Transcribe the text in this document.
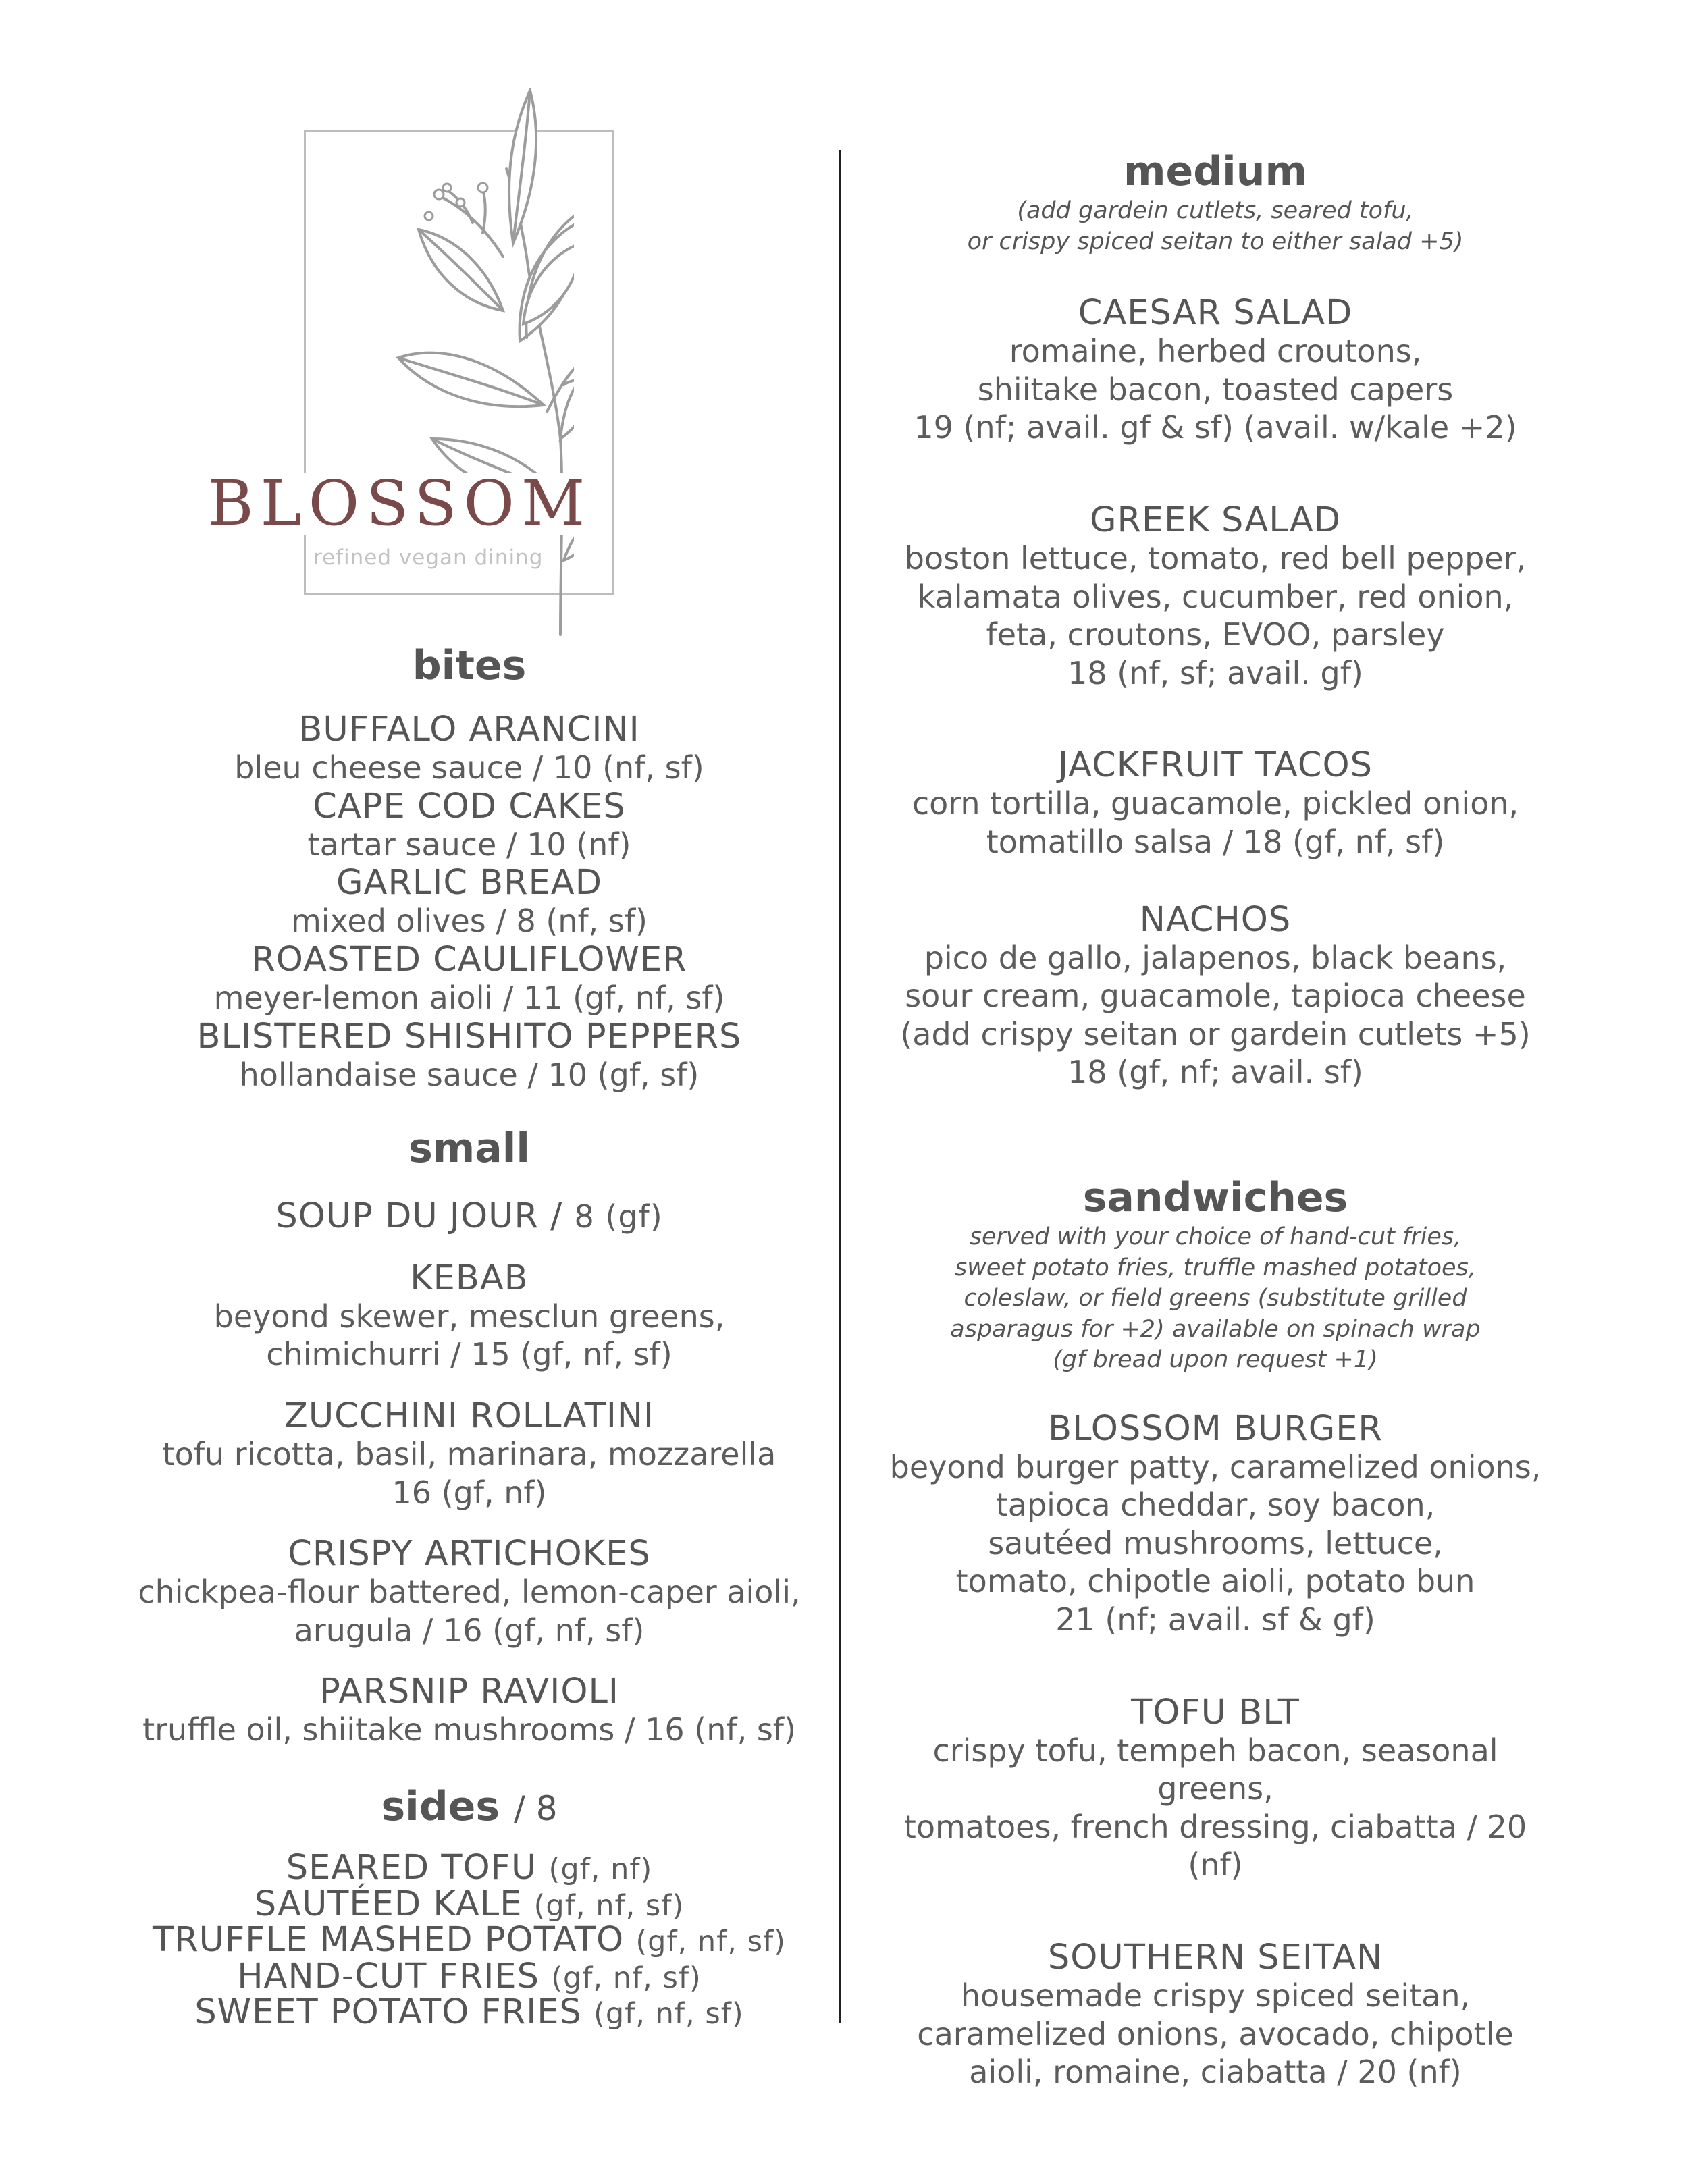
BLOSSOM
refined vegan dining
bites
BUFFALO ARANCINI
bleu cheese sauce / 10 (nf, sf)
CAPE COD CAKES
tartar sauce / 10 (nf)
GARLIC BREAD
mixed olives / 8 (nf, sf)
ROASTED CAULIFLOWER
meyer-lemon aioli / 11 (gf, nf, sf)
BLISTERED SHISHITO PEPPERS
hollandaise sauce / 10 (gf, sf)
small
SOUP DU JOUR / 8 (gf)
KEBAB
beyond skewer, mesclun greens,
chimichurri / 15 (gf, nf, sf)
ZUCCHINI ROLLATINI
tofu ricotta, basil, marinara, mozzarella
16 (gf, nf)
CRISPY ARTICHOKES
chickpea-flour battered, lemon-caper aioli,
arugula / 16 (gf, nf, sf)
PARSNIP RAVIOLI
truffle oil, shiitake mushrooms / 16 (nf, sf)
sides / 8
SEARED TOFU (gf, nf)
SAUTÉED KALE (gf, nf, sf)
TRUFFLE MASHED POTATO (gf, nf, sf)
HAND-CUT FRIES (gf, nf, sf)
SWEET POTATO FRIES (gf, nf, sf)
medium
(add gardein cutlets, seared tofu,
or crispy spiced seitan to either salad +5)
CAESAR SALAD
romaine, herbed croutons,
shiitake bacon, toasted capers
19 (nf; avail. gf & sf) (avail. w/kale +2)
GREEK SALAD
boston lettuce, tomato, red bell pepper,
kalamata olives, cucumber, red onion,
feta, croutons, EVOO, parsley
18 (nf, sf; avail. gf)
JACKFRUIT TACOS
corn tortilla, guacamole, pickled onion,
tomatillo salsa / 18 (gf, nf, sf)
NACHOS
pico de gallo, jalapenos, black beans,
sour cream, guacamole, tapioca cheese
(add crispy seitan or gardein cutlets +5)
18 (gf, nf; avail. sf)
sandwiches
served with your choice of hand-cut fries,
sweet potato fries, truffle mashed potatoes,
coleslaw, or field greens (substitute grilled
asparagus for +2) available on spinach wrap
(gf bread upon request +1)
BLOSSOM BURGER
beyond burger patty, caramelized onions,
tapioca cheddar, soy bacon,
sautéed mushrooms, lettuce,
tomato, chipotle aioli, potato bun
21 (nf; avail. sf & gf)
TOFU BLT
crispy tofu, tempeh bacon, seasonal greens,
tomatoes, french dressing, ciabatta / 20 (nf)
SOUTHERN SEITAN
housemade crispy spiced seitan,
caramelized onions, avocado, chipotle
aioli, romaine, ciabatta / 20 (nf)
